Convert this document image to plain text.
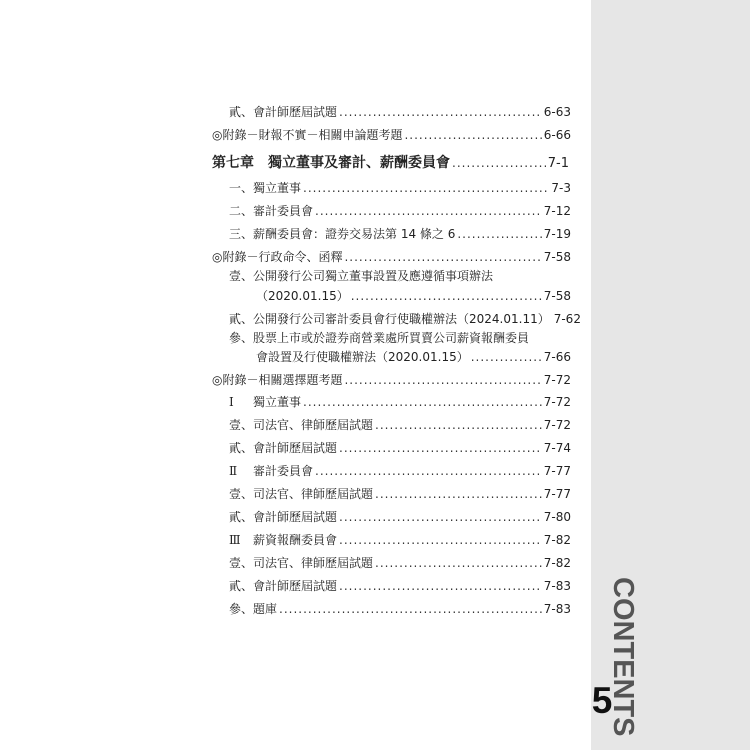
貳、會計師歷屆試題 .....	6-63
◎附錄－財報不實－相關申論題考題 .....	6-66
第七章　獨立董事及審計、薪酬委員會 .....	7-1
一、獨立董事 .....	7-3
二、審計委員會 .....	7-12
三、薪酬委員會：證券交易法第 14 條之 6 .....	7-19
◎附錄－行政命令、函釋 .....	7-58
壹、公開發行公司獨立董事設置及應遵循事項辦法
（2020.01.15） .....	7-58
貳、公開發行公司審計委員會行使職權辦法（2024.01.11） 7-62
參、股票上市或於證券商營業處所買賣公司薪資報酬委員
會設置及行使職權辦法（2020.01.15） .....	7-66
◎附錄－相關選擇題考題 .....	7-72
Ⅰ 獨立董事 .....	7-72
壹、司法官、律師歷屆試題 .....	7-72
貳、會計師歷屆試題 .....	7-74
Ⅱ 審計委員會 .....	7-77
壹、司法官、律師歷屆試題 .....	7-77
貳、會計師歷屆試題 .....	7-80
Ⅲ 薪資報酬委員會 .....	7-82
壹、司法官、律師歷屆試題 .....	7-82
貳、會計師歷屆試題 .....	7-83
參、題庫 .....	7-83 CONTENTS
5
